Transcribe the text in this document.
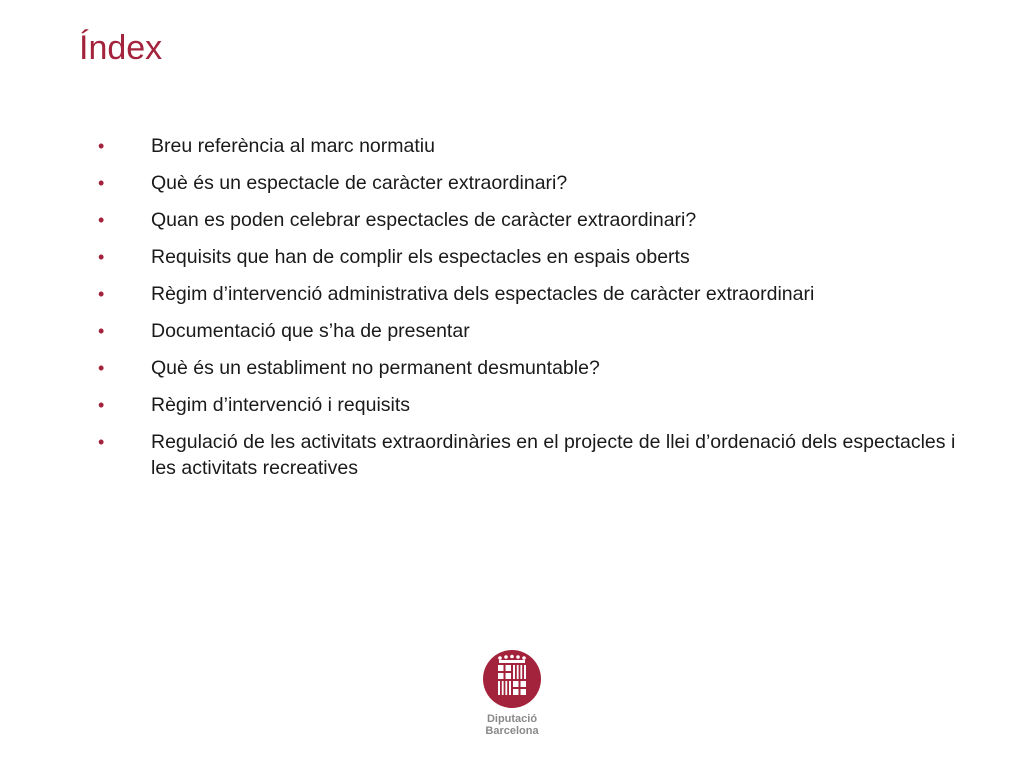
Índex
• Breu referència al marc normatiu
• Què és un espectacle de caràcter extraordinari?
• Quan es poden celebrar espectacles de caràcter extraordinari?
• Requisits que han de complir els espectacles en espais oberts
• Règim d’intervenció administrativa dels espectacles de caràcter extraordinari
• Documentació que s’ha de presentar
• Què és un establiment no permanent desmuntable?
• Règim d’intervenció i requisits
• Regulació de les activitats extraordinàries en el projecte de llei d’ordenació dels espectacles i les activitats recreatives
Diputació
Barcelona
